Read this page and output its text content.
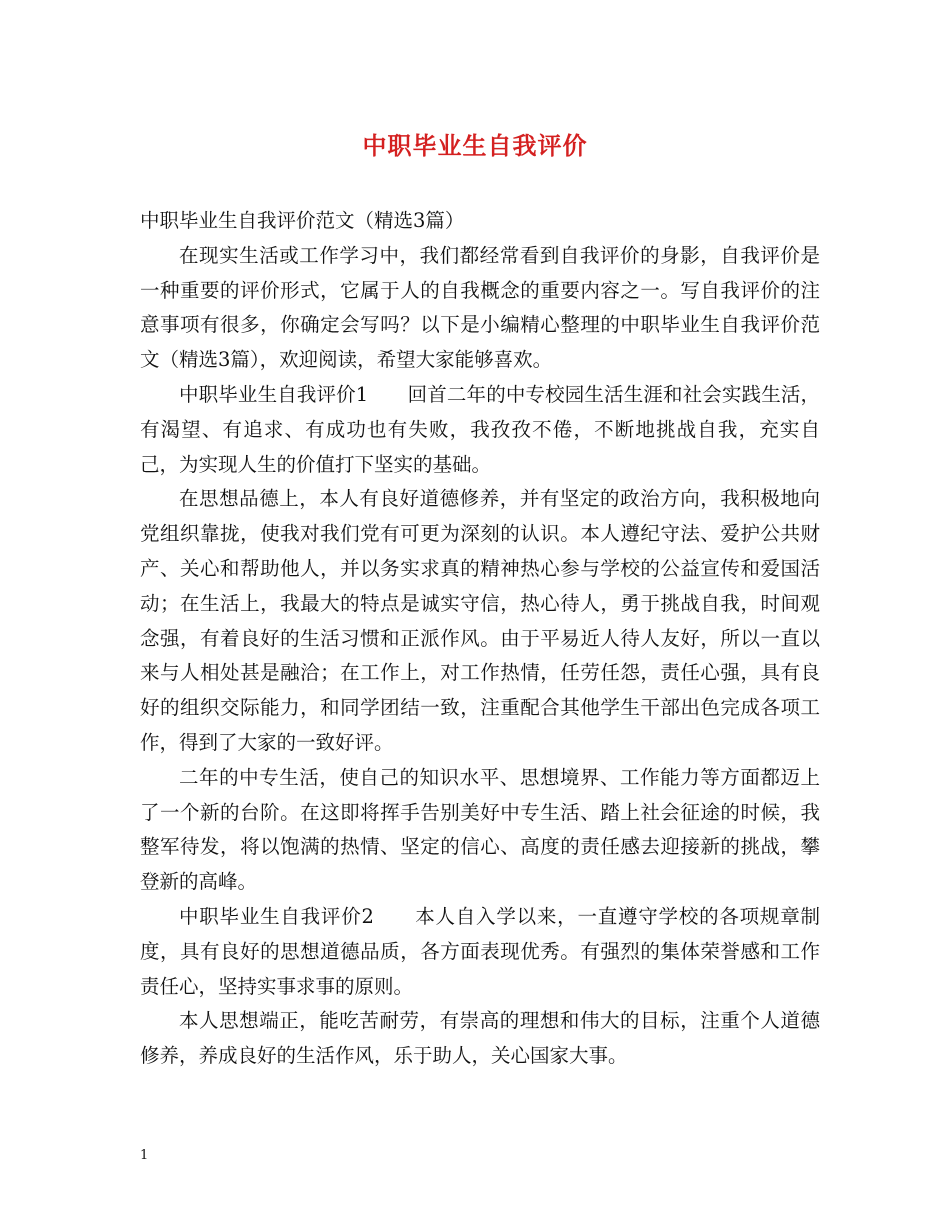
中职毕业生自我评价

中职毕业生自我评价范文（精选3篇）

在现实生活或工作学习中，我们都经常看到自我评价的身影，自我评价是一种重要的评价形式，它属于人的自我概念的重要内容之一。写自我评价的注意事项有很多，你确定会写吗？以下是小编精心整理的中职毕业生自我评价范文（精选3篇），欢迎阅读，希望大家能够喜欢。

中职毕业生自我评价1　　回首二年的中专校园生活生涯和社会实践生活，有渴望、有追求、有成功也有失败，我孜孜不倦，不断地挑战自我，充实自己，为实现人生的价值打下坚实的基础。

在思想品德上，本人有良好道德修养，并有坚定的政治方向，我积极地向党组织靠拢，使我对我们党有可更为深刻的认识。本人遵纪守法、爱护公共财产、关心和帮助他人，并以务实求真的精神热心参与学校的公益宣传和爱国活动；在生活上，我最大的特点是诚实守信，热心待人，勇于挑战自我，时间观念强，有着良好的生活习惯和正派作风。由于平易近人待人友好，所以一直以来与人相处甚是融洽；在工作上，对工作热情，任劳任怨，责任心强，具有良好的组织交际能力，和同学团结一致，注重配合其他学生干部出色完成各项工作，得到了大家的一致好评。

二年的中专生活，使自己的知识水平、思想境界、工作能力等方面都迈上了一个新的台阶。在这即将挥手告别美好中专生活、踏上社会征途的时候，我整军待发，将以饱满的热情、坚定的信心、高度的责任感去迎接新的挑战，攀登新的高峰。

中职毕业生自我评价2　　本人自入学以来，一直遵守学校的各项规章制度，具有良好的思想道德品质，各方面表现优秀。有强烈的集体荣誉感和工作责任心，坚持实事求事的原则。

本人思想端正，能吃苦耐劳，有崇高的理想和伟大的目标，注重个人道德修养，养成良好的生活作风，乐于助人，关心国家大事。

1
